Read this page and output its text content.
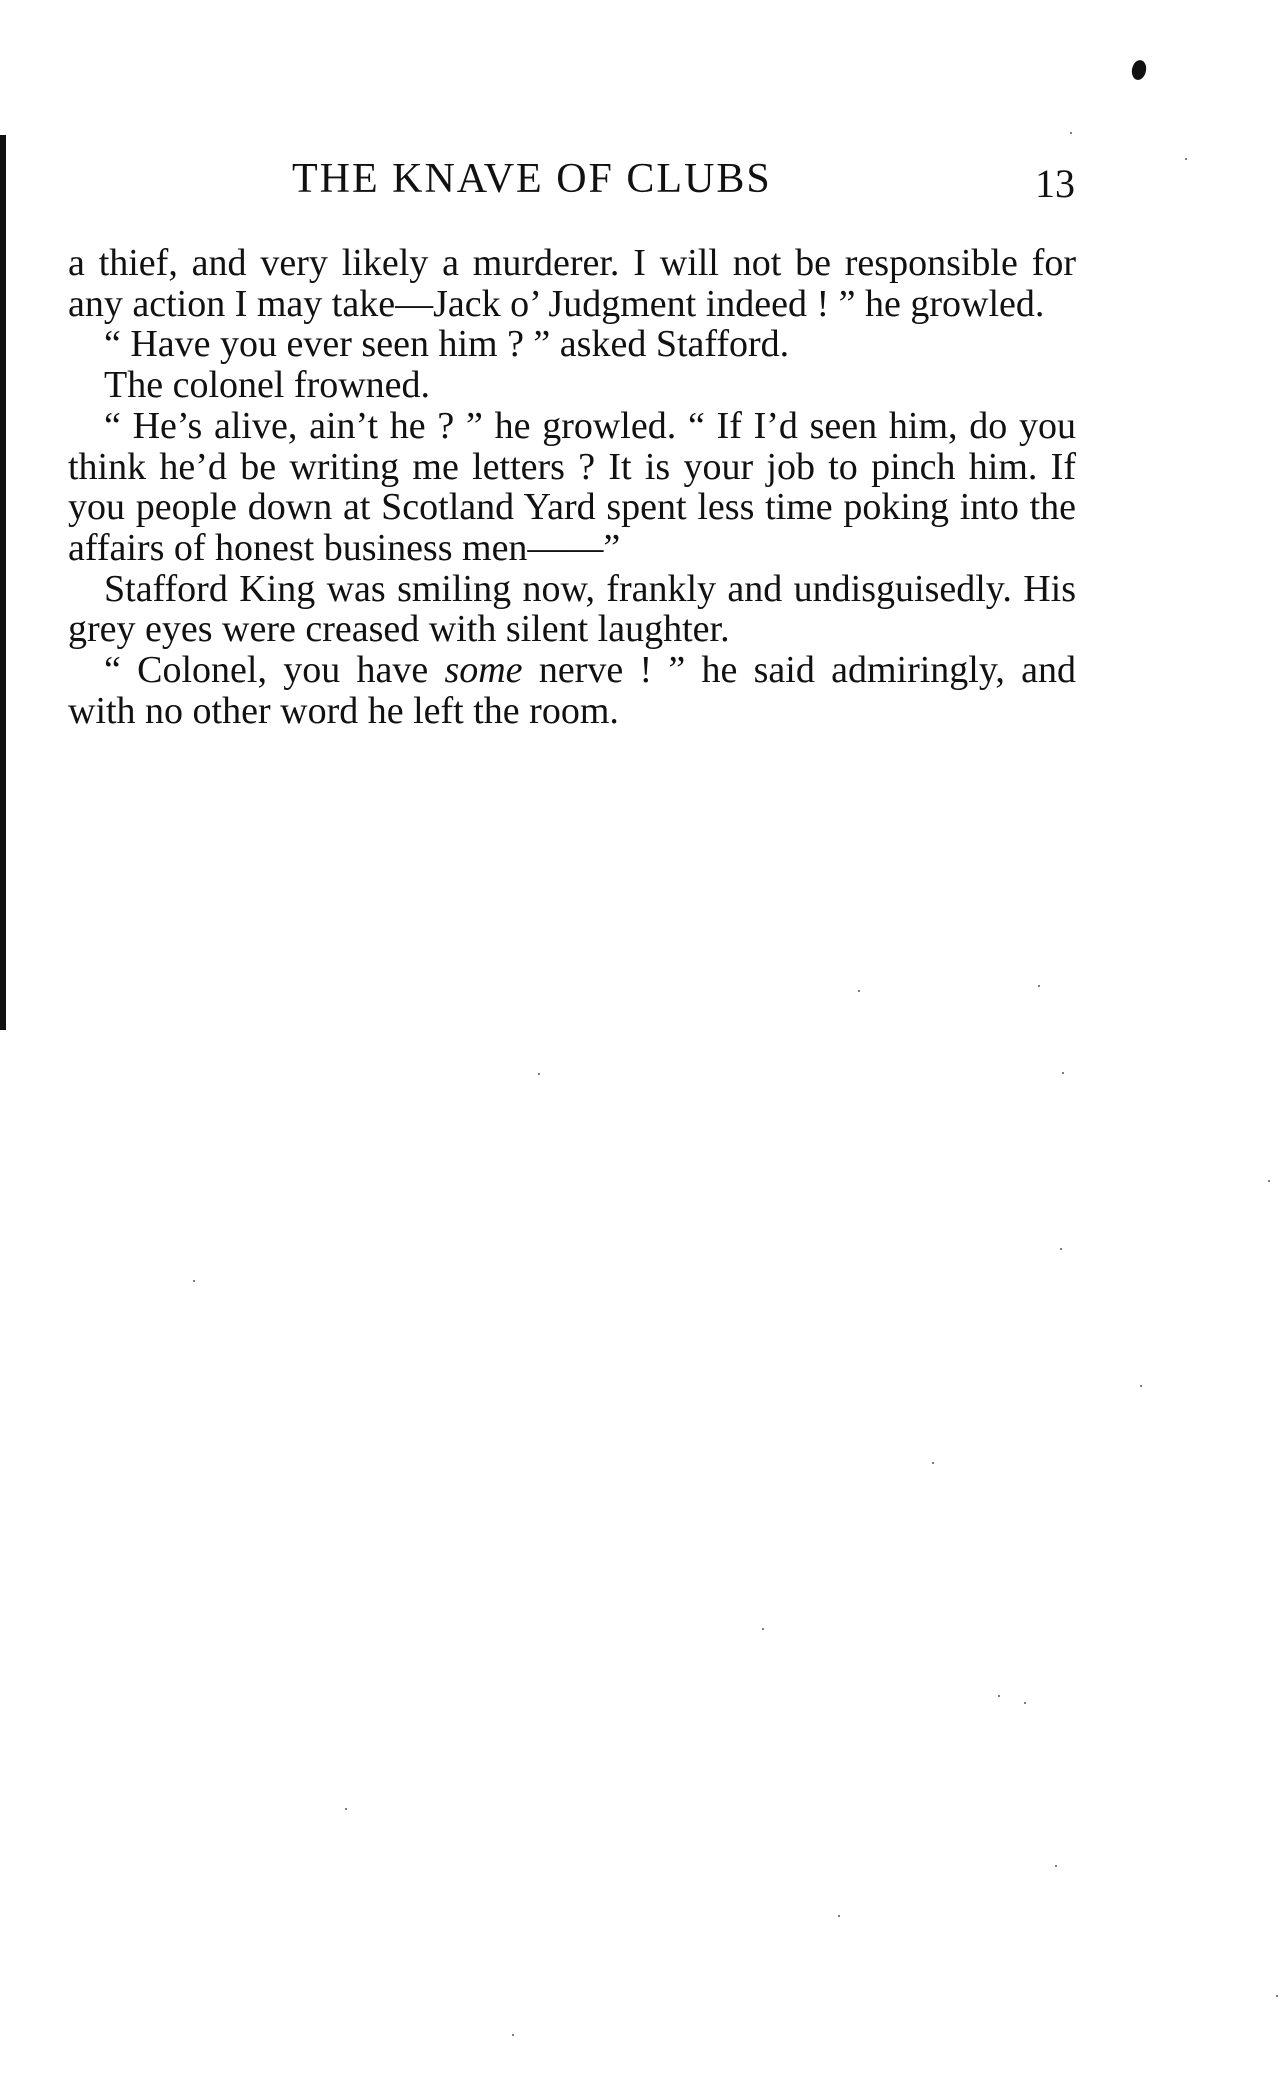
THE KNAVE OF CLUBS	13

a thief, and very likely a murderer. I will not be responsible for any action I may take—Jack o’ Judgment indeed ! ” he growled.

“ Have you ever seen him ? ” asked Stafford.

The colonel frowned.

“ He’s alive, ain’t he ? ” he growled. “ If I’d seen him, do you think he’d be writing me letters ? It is your job to pinch him. If you people down at Scotland Yard spent less time poking into the affairs of honest business men——”

Stafford King was smiling now, frankly and undisguisedly. His grey eyes were creased with silent laughter.

“ Colonel, you have some nerve ! ” he said admiringly, and with no other word he left the room.
